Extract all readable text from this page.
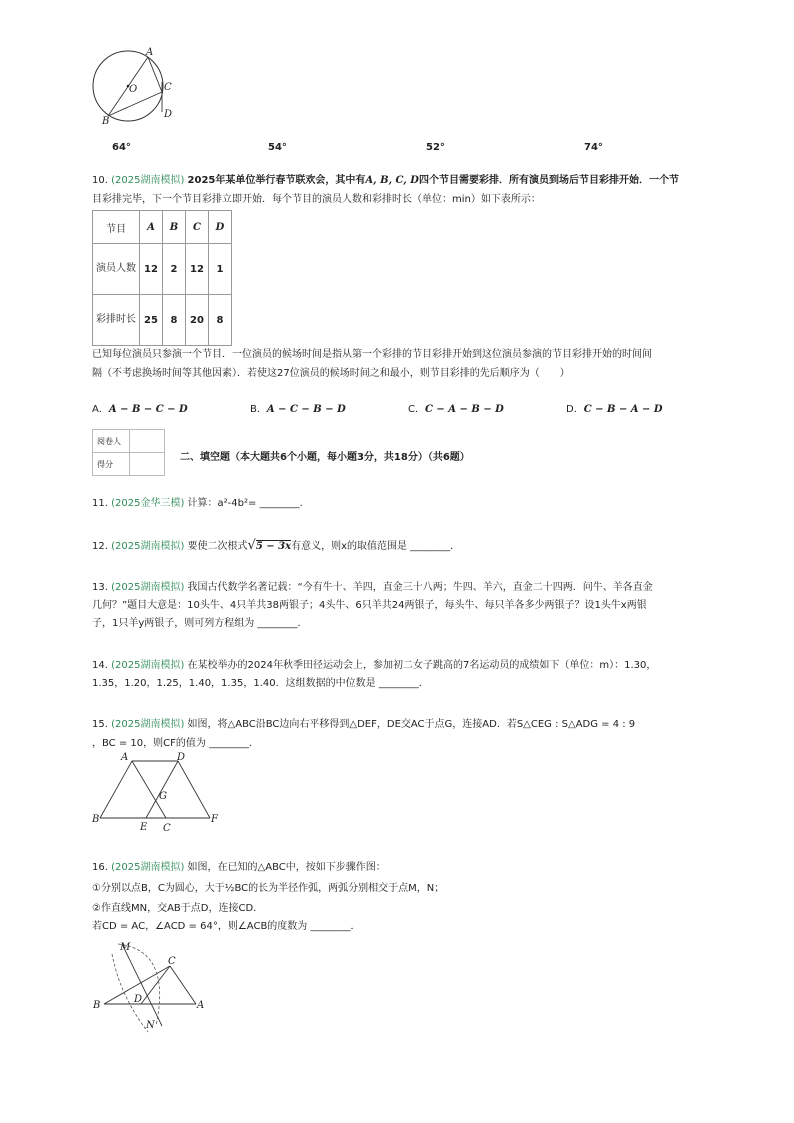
A
O	C
D
B
64°	54°	52°	74°
10. (2025湖南模拟) 2025年某单位举行春节联欢会，其中有A, B, C, D四个节目需要彩排．所有演员到场后节目彩排开始．一个节
目彩排完毕，下一个节目彩排立即开始．每个节目的演员人数和彩排时长（单位：min）如下表所示：
节目	A	B	C	D
演员人数	12	2	12	1
彩排时长	25	8	20	8
已知每位演员只参演一个节目．一位演员的候场时间是指从第一个彩排的节目彩排开始到这位演员参演的节目彩排开始的时间间
隔（不考虑换场时间等其他因素）．若使这27位演员的候场时间之和最小，则节目彩排的先后顺序为（　　）
A．A − B − C − D	B．A − C − B − D	C．C − A − B − D	D．C − B − A − D
阅卷人	
得分	
二、填空题（本大题共6个小题，每小题3分，共18分）（共6题）
11. (2025金华三模) 计算：a²-4b²= ________．
12. (2025湖南模拟) 要使二次根式√5 − 3x有意义，则x的取值范围是 ________．
13. (2025湖南模拟) 我国古代数学名著记载：“今有牛十、羊四，直金三十八两；牛四、羊六，直金二十四两．问牛、羊各直金
几何？”题目大意是：10头牛、4只羊共38两银子；4头牛、6只羊共24两银子，每头牛、每只羊各多少两银子？设1头牛x两银
子，1只羊y两银子，则可列方程组为 ________．
14. (2025湖南模拟) 在某校举办的2024年秋季田径运动会上，参加初二女子跳高的7名运动员的成绩如下（单位：m）：1.30，
1.35，1.20，1.25，1.40，1.35，1.40．这组数据的中位数是 ________．
15. (2025湖南模拟) 如图，将△ABC沿BC边向右平移得到△DEF，DE交AC于点G，连接AD．若S△CEG : S△ADG = 4 : 9
，BC = 10，则CF的值为 ________．
A	D
G
B
E C
F
16. (2025湖南模拟) 如图，在已知的△ABC中，按如下步骤作图：
①分别以点B，C为圆心，大于½BC的长为半径作弧，两弧分别相交于点M，N；
②作直线MN，交AB于点D，连接CD．
若CD = AC，∠ACD = 64°，则∠ACB的度数为 ________．
M
C
B
D
A
N
